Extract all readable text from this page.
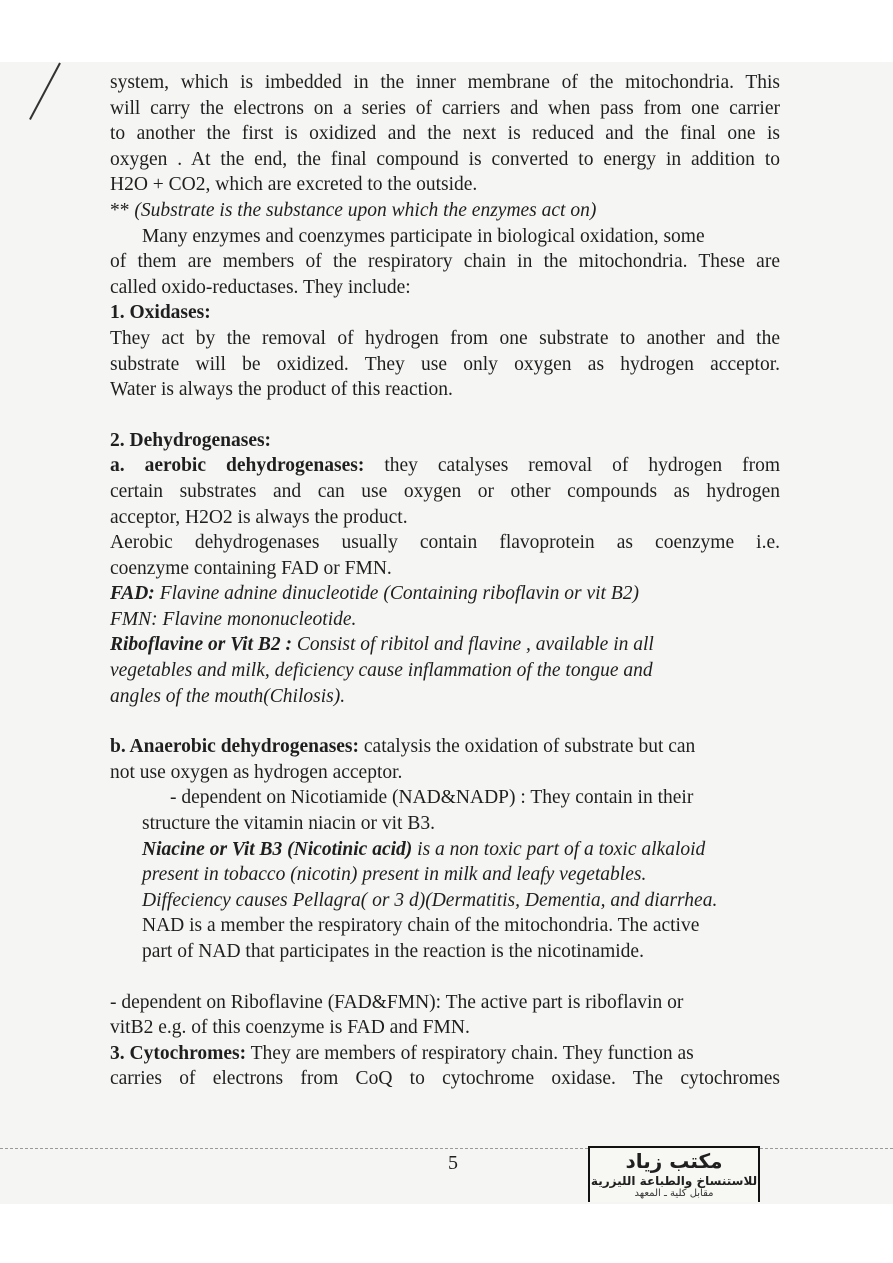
system, which is imbedded in the inner membrane of the mitochondria. This
will carry the electrons on a series of carriers and when pass from one carrier
to another the first is oxidized and the next is reduced and the final one is
oxygen . At the end, the final compound is converted to energy in addition to
H2O + CO2, which are excreted to the outside.
** (Substrate is the substance upon which the enzymes act on)
Many enzymes and coenzymes participate in biological oxidation, some
of them are members of the respiratory chain in the mitochondria. These are
called oxido-reductases. They include:
1. Oxidases:
They act by the removal of hydrogen from one substrate to another and the
substrate will be oxidized. They use only oxygen as hydrogen acceptor.
Water is always the product of this reaction.
2. Dehydrogenases:
a. aerobic dehydrogenases: they catalyses removal of hydrogen from
certain substrates and can use oxygen or other compounds as hydrogen
acceptor, H2O2 is always the product.
Aerobic dehydrogenases usually contain flavoprotein as coenzyme i.e.
coenzyme containing FAD or FMN.
FAD: Flavine adnine dinucleotide (Containing riboflavin or vit B2)
FMN: Flavine mononucleotide.
Riboflavine or Vit B2 : Consist of ribitol and flavine , available in all
vegetables and milk, deficiency cause inflammation of the tongue and
angles of the mouth(Chilosis).
b. Anaerobic dehydrogenases: catalysis the oxidation of substrate but can
not use oxygen as hydrogen acceptor.
- dependent on Nicotiamide (NAD&NADP) : They contain in their
structure the vitamin niacin or vit B3.
Niacine or Vit B3 (Nicotinic acid) is a non toxic part of a toxic alkaloid
present in tobacco (nicotin) present in milk and leafy vegetables.
Diffeciency causes Pellagra( or 3 d)(Dermatitis, Dementia, and diarrhea.
NAD is a member the respiratory chain of the mitochondria. The active
part of NAD that participates in the reaction is the nicotinamide.
- dependent on Riboflavine (FAD&FMN): The active part is riboflavin or
vitB2 e.g. of this coenzyme is FAD and FMN.
3. Cytochromes: They are members of respiratory chain. They function as
carries of electrons from CoQ to cytochrome oxidase. The cytochromes
5	مكتب زياد
للاستنساخ والطباعة الليزرية
مقابل كلية ـ المعهد
